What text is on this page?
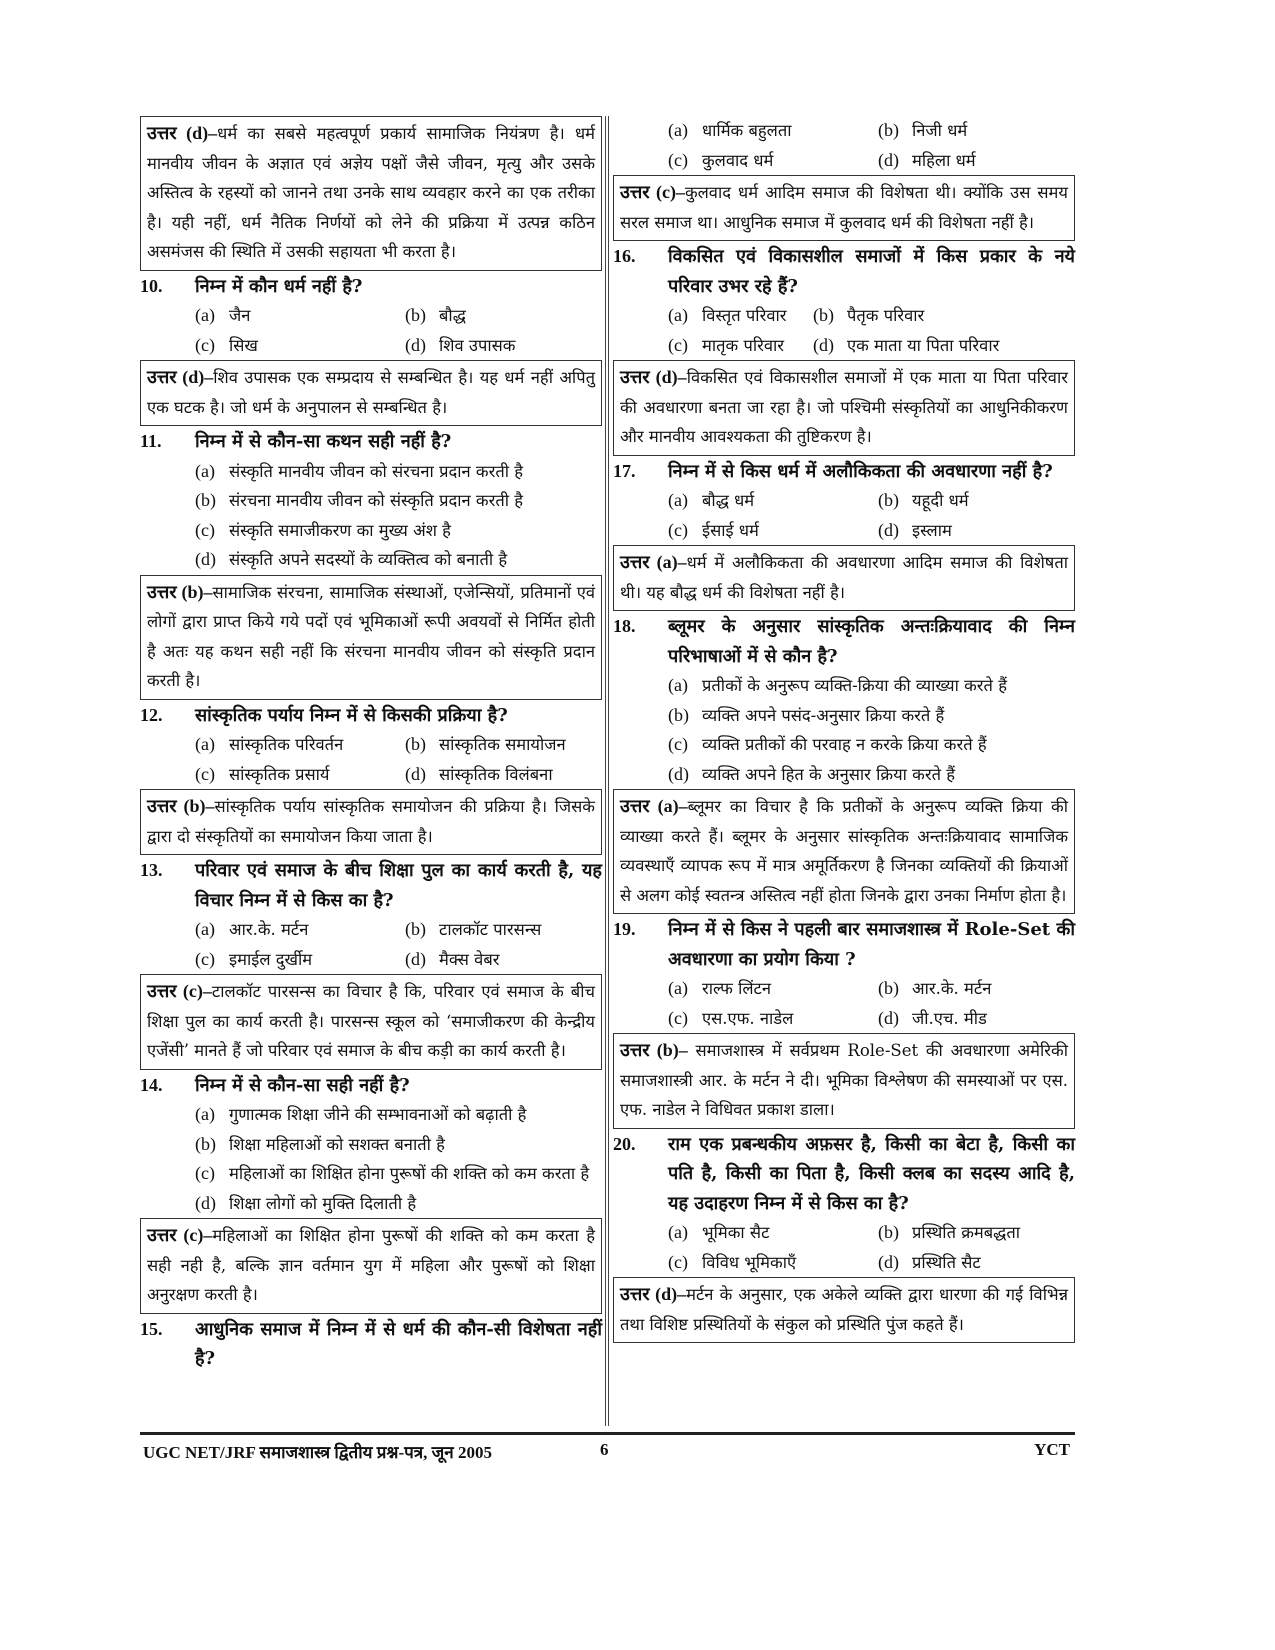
उत्तर (d)–धर्म का सबसे महत्वपूर्ण प्रकार्य सामाजिक नियंत्रण है। धर्म मानवीय जीवन के अज्ञात एवं अज्ञेय पक्षों जैसे जीवन, मृत्यु और उसके अस्तित्व के रहस्यों को जानने तथा उनके साथ व्यवहार करने का एक तरीका है। यही नहीं, धर्म नैतिक निर्णयों को लेने की प्रक्रिया में उत्पन्न कठिन असमंजस की स्थिति में उसकी सहायता भी करता है।
10.	निम्न में कौन धर्म नहीं है?
(a) जैन	(b) बौद्ध
(c) सिख	(d) शिव उपासक
उत्तर (d)–शिव उपासक एक सम्प्रदाय से सम्बन्धित है। यह धर्म नहीं अपितु एक घटक है। जो धर्म के अनुपालन से सम्बन्धित है।
11.	निम्न में से कौन-सा कथन सही नहीं है?
(a) संस्कृति मानवीय जीवन को संरचना प्रदान करती है
(b) संरचना मानवीय जीवन को संस्कृति प्रदान करती है
(c) संस्कृति समाजीकरण का मुख्य अंश है
(d) संस्कृति अपने सदस्यों के व्यक्तित्व को बनाती है
उत्तर (b)–सामाजिक संरचना, सामाजिक संस्थाओं, एजेन्सियों, प्रतिमानों एवं लोगों द्वारा प्राप्त किये गये पदों एवं भूमिकाओं रूपी अवयवों से निर्मित होती है अतः यह कथन सही नहीं कि संरचना मानवीय जीवन को संस्कृति प्रदान करती है।
12.	सांस्कृतिक पर्याय निम्न में से किसकी प्रक्रिया है?
(a) सांस्कृतिक परिवर्तन	(b) सांस्कृतिक समायोजन
(c) सांस्कृतिक प्रसार्य	(d) सांस्कृतिक विलंबना
उत्तर (b)–सांस्कृतिक पर्याय सांस्कृतिक समायोजन की प्रक्रिया है। जिसके द्वारा दो संस्कृतियों का समायोजन किया जाता है।
13.	परिवार एवं समाज के बीच शिक्षा पुल का कार्य करती है, यह विचार निम्न में से किस का है?
(a) आर.के. मर्टन	(b) टालकॉट पारसन्स
(c) इमाईल दुर्खीम	(d) मैक्स वेबर
उत्तर (c)–टालकॉट पारसन्स का विचार है कि, परिवार एवं समाज के बीच शिक्षा पुल का कार्य करती है। पारसन्स स्कूल को ‘समाजीकरण की केन्द्रीय एजेंसी’ मानते हैं जो परिवार एवं समाज के बीच कड़ी का कार्य करती है।
14.	निम्न में से कौन-सा सही नहीं है?
(a) गुणात्मक शिक्षा जीने की सम्भावनाओं को बढ़ाती है
(b) शिक्षा महिलाओं को सशक्त बनाती है
(c) महिलाओं का शिक्षित होना पुरूषों की शक्ति को कम करता है
(d) शिक्षा लोगों को मुक्ति दिलाती है
उत्तर (c)–महिलाओं का शिक्षित होना पुरूषों की शक्ति को कम करता है सही नही है, बल्कि ज्ञान वर्तमान युग में महिला और पुरूषों को शिक्षा अनुरक्षण करती है।
15.	आधुनिक समाज में निम्न में से धर्म की कौन-सी विशेषता नहीं है?
(a) धार्मिक बहुलता	(b) निजी धर्म
(c) कुलवाद धर्म	(d) महिला धर्म
उत्तर (c)–कुलवाद धर्म आदिम समाज की विशेषता थी। क्योंकि उस समय सरल समाज था। आधुनिक समाज में कुलवाद धर्म की विशेषता नहीं है।
16.	विकसित एवं विकासशील समाजों में किस प्रकार के नये परिवार उभर रहे हैं?
(a) विस्तृत परिवार (b) पैतृक परिवार
(c) मातृक परिवार (d) एक माता या पिता परिवार
उत्तर (d)–विकसित एवं विकासशील समाजों में एक माता या पिता परिवार की अवधारणा बनता जा रहा है। जो पश्चिमी संस्कृतियों का आधुनिकीकरण और मानवीय आवश्यकता की तुष्टिकरण है।
17.	निम्न में से किस धर्म में अलौकिकता की अवधारणा नहीं है?
(a) बौद्ध धर्म	(b) यहूदी धर्म
(c) ईसाई धर्म	(d) इस्लाम
उत्तर (a)–धर्म में अलौकिकता की अवधारणा आदिम समाज की विशेषता थी। यह बौद्ध धर्म की विशेषता नहीं है।
18.	ब्लूमर के अनुसार सांस्कृतिक अन्तःक्रियावाद की निम्न परिभाषाओं में से कौन है?
(a) प्रतीकों के अनुरूप व्यक्ति-क्रिया की व्याख्या करते हैं
(b) व्यक्ति अपने पसंद-अनुसार क्रिया करते हैं
(c) व्यक्ति प्रतीकों की परवाह न करके क्रिया करते हैं
(d) व्यक्ति अपने हित के अनुसार क्रिया करते हैं
उत्तर (a)–ब्लूमर का विचार है कि प्रतीकों के अनुरूप व्यक्ति क्रिया की व्याख्या करते हैं। ब्लूमर के अनुसार सांस्कृतिक अन्तःक्रियावाद सामाजिक व्यवस्थाएँ व्यापक रूप में मात्र अमूर्तिकरण है जिनका व्यक्तियों की क्रियाओं से अलग कोई स्वतन्त्र अस्तित्व नहीं होता जिनके द्वारा उनका निर्माण होता है।
19.	निम्न में से किस ने पहली बार समाजशास्त्र में Role-Set की अवधारणा का प्रयोग किया ?
(a) राल्फ लिंटन	(b) आर.के. मर्टन
(c) एस.एफ. नाडेल	(d) जी.एच. मीड
उत्तर (b)– समाजशास्त्र में सर्वप्रथम Role-Set की अवधारणा अमेरिकी समाजशास्त्री आर. के मर्टन ने दी। भूमिका विश्लेषण की समस्याओं पर एस. एफ. नाडेल ने विधिवत प्रकाश डाला।
20.	राम एक प्रबन्धकीय अफ़सर है, किसी का बेटा है, किसी का पति है, किसी का पिता है, किसी क्लब का सदस्य आदि है, यह उदाहरण निम्न में से किस का है?
(a) भूमिका सैट	(b) प्रस्थिति क्रमबद्धता
(c) विविध भूमिकाएँ	(d) प्रस्थिति सैट
उत्तर (d)–मर्टन के अनुसार, एक अकेले व्यक्ति द्वारा धारणा की गई विभिन्न तथा विशिष्ट प्रस्थितियों के संकुल को प्रस्थिति पुंज कहते हैं।
UGC NET/JRF समाजशास्त्र द्वितीय प्रश्न-पत्र, जून 2005	6	YCT
